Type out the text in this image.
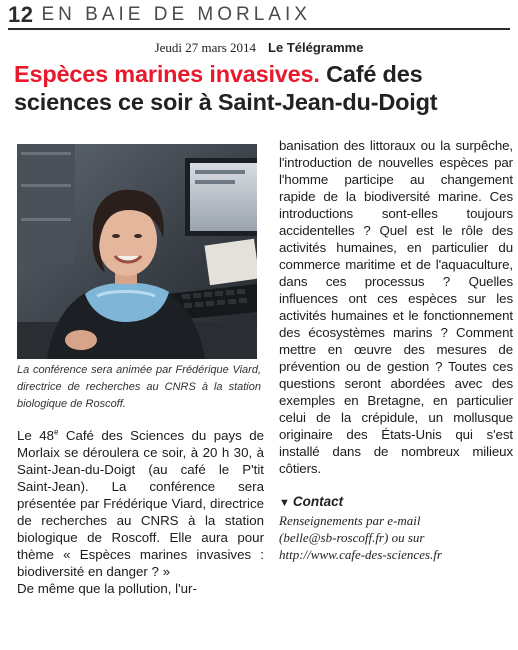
12 EN BAIE DE MORLAIX
Jeudi 27 mars 2014 Le Télégramme
Espèces marines invasives. Café des sciences ce soir à Saint-Jean-du-Doigt

La conférence sera animée par Frédérique Viard, directrice de recherches au CNRS à la station biologique de Roscoff.

Le 48e Café des Sciences du pays de Morlaix se déroulera ce soir, à 20 h 30, à Saint-Jean-du-Doigt (au café le P'tit Saint-Jean). La conférence sera présentée par Frédérique Viard, directrice de recherches au CNRS à la station biologique de Roscoff. Elle aura pour thème « Espèces marines invasives : biodiversité en danger ? »

De même que la pollution, l'ur-

banisation des littoraux ou la surpêche, l'introduction de nouvelles espèces par l'homme participe au changement rapide de la biodiversité marine. Ces introductions sont-elles toujours accidentelles ? Quel est le rôle des activités humaines, en particulier du commerce maritime et de l'aquaculture, dans ces processus ? Quelles influences ont ces espèces sur les activités humaines et le fonctionnement des écosystèmes marins ? Comment mettre en œuvre des mesures de prévention ou de gestion ? Toutes ces questions seront abordées avec des exemples en Bretagne, en particulier celui de la crépidule, un mollusque originaire des États-Unis qui s'est installé dans de nombreux milieux côtiers.

▼ Contact
Renseignements par e-mail
(belle@sb-roscoff.fr) ou sur
http://www.cafe-des-sciences.fr
